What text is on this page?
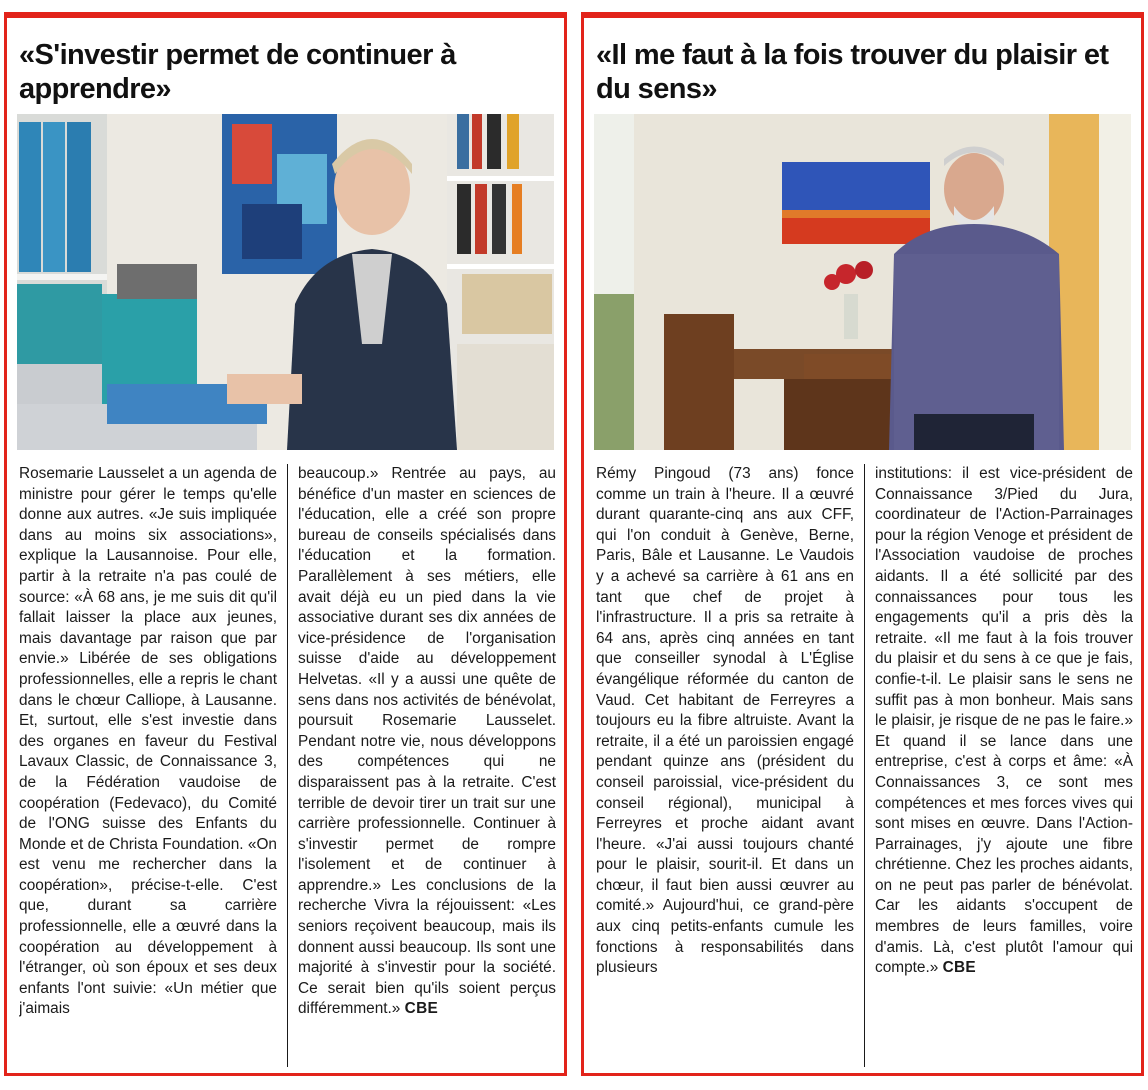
«S'investir permet de continuer à apprendre»
Rosemarie Lausselet a un agenda de ministre pour gérer le temps qu'elle donne aux autres. «Je suis impliquée dans au moins six associations», explique la Lausannoise. Pour elle, partir à la retraite n'a pas coulé de source: «À 68 ans, je me suis dit qu'il fallait laisser la place aux jeunes, mais davantage par raison que par envie.» Libérée de ses obligations professionnelles, elle a repris le chant dans le chœur Calliope, à Lausanne. Et, surtout, elle s'est investie dans des organes en faveur du Festival Lavaux Classic, de Connaissance 3, de la Fédération vaudoise de coopération (Fedevaco), du Comité de l'ONG suisse des Enfants du Monde et de Christa Foundation. «On est venu me rechercher dans la coopération», précise-t-elle. C'est que, durant sa carrière professionnelle, elle a œuvré dans la coopération au développement à l'étranger, où son époux et ses deux enfants l'ont suivie: «Un métier que j'aimais
beaucoup.» Rentrée au pays, au bénéfice d'un master en sciences de l'éducation, elle a créé son propre bureau de conseils spécialisés dans l'éducation et la formation. Parallèlement à ses métiers, elle avait déjà eu un pied dans la vie associative durant ses dix années de vice-présidence de l'organisation suisse d'aide au développement Helvetas. «Il y a aussi une quête de sens dans nos activités de bénévolat, poursuit Rosemarie Lausselet. Pendant notre vie, nous développons des compétences qui ne disparaissent pas à la retraite. C'est terrible de devoir tirer un trait sur une carrière professionnelle. Continuer à s'investir permet de rompre l'isolement et de continuer à apprendre.» Les conclusions de la recherche Vivra la réjouissent: «Les seniors reçoivent beaucoup, mais ils donnent aussi beaucoup. Ils sont une majorité à s'investir pour la société. Ce serait bien qu'ils soient perçus différemment.» CBE
«Il me faut à la fois trouver du plaisir et du sens»
Rémy Pingoud (73 ans) fonce comme un train à l'heure. Il a œuvré durant quarante-cinq ans aux CFF, qui l'on conduit à Genève, Berne, Paris, Bâle et Lausanne. Le Vaudois y a achevé sa carrière à 61 ans en tant que chef de projet à l'infrastructure. Il a pris sa retraite à 64 ans, après cinq années en tant que conseiller synodal à L'Église évangélique réformée du canton de Vaud. Cet habitant de Ferreyres a toujours eu la fibre altruiste. Avant la retraite, il a été un paroissien engagé pendant quinze ans (président du conseil paroissial, vice-président du conseil régional), municipal à Ferreyres et proche aidant avant l'heure. «J'ai aussi toujours chanté pour le plaisir, sourit-il. Et dans un chœur, il faut bien aussi œuvrer au comité.» Aujourd'hui, ce grand-père aux cinq petits-enfants cumule les fonctions à responsabilités dans plusieurs
institutions: il est vice-président de Connaissance 3/Pied du Jura, coordinateur de l'Action-Parrainages pour la région Venoge et président de l'Association vaudoise de proches aidants. Il a été sollicité par des connaissances pour tous les engagements qu'il a pris dès la retraite. «Il me faut à la fois trouver du plaisir et du sens à ce que je fais, confie-t-il. Le plaisir sans le sens ne suffit pas à mon bonheur. Mais sans le plaisir, je risque de ne pas le faire.» Et quand il se lance dans une entreprise, c'est à corps et âme: «À Connaissances 3, ce sont mes compétences et mes forces vives qui sont mises en œuvre. Dans l'Action-Parrainages, j'y ajoute une fibre chrétienne. Chez les proches aidants, on ne peut pas parler de bénévolat. Car les aidants s'occupent de membres de leurs familles, voire d'amis. Là, c'est plutôt l'amour qui compte.» CBE
